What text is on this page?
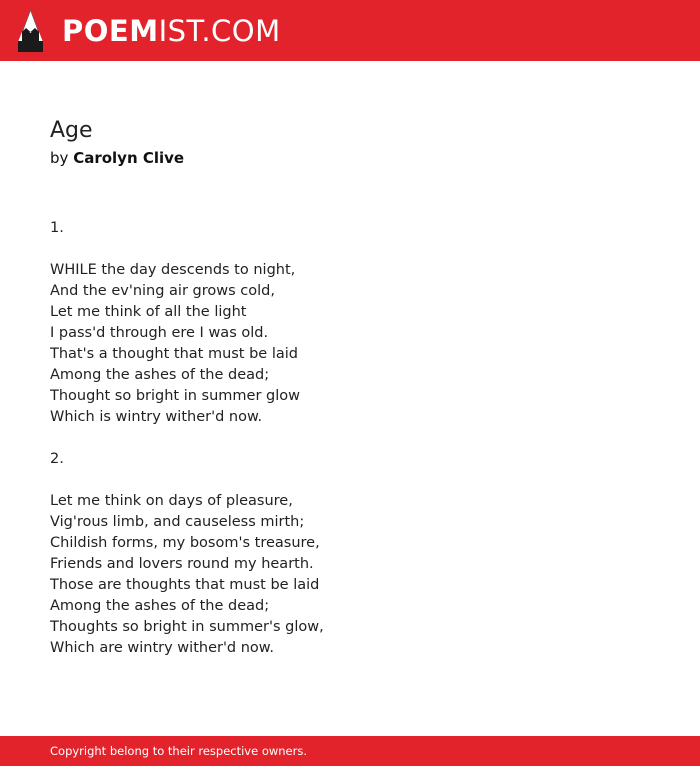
POEMIST.COM
Age
by Carolyn Clive
1.
WHILE the day descends to night,
And the ev'ning air grows cold,
Let me think of all the light
I pass'd through ere I was old.
That's a thought that must be laid
Among the ashes of the dead;
Thought so bright in summer glow
Which is wintry wither'd now.
2.
Let me think on days of pleasure,
Vig'rous limb, and causeless mirth;
Childish forms, my bosom's treasure,
Friends and lovers round my hearth.
Those are thoughts that must be laid
Among the ashes of the dead;
Thoughts so bright in summer's glow,
Which are wintry wither'd now.
Copyright belong to their respective owners.
